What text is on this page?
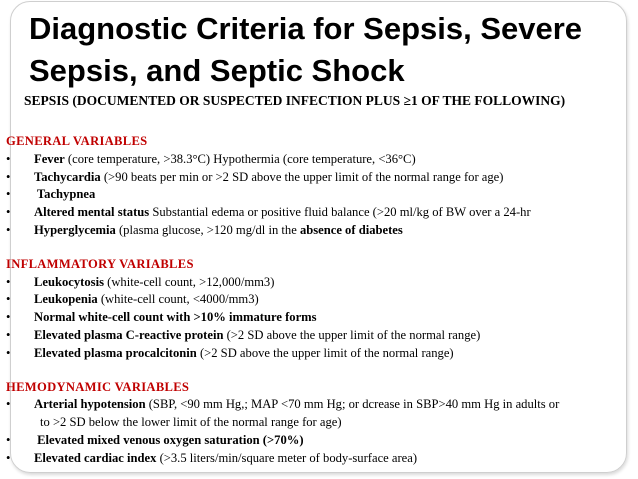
Diagnostic Criteria for Sepsis, Severe
Sepsis, and Septic Shock
SEPSIS (DOCUMENTED OR SUSPECTED INFECTION PLUS ≥1 OF THE FOLLOWING)
GENERAL VARIABLES
• Fever (core temperature, >38.3°C) Hypothermia (core temperature, <36°C)
• Tachycardia (>90 beats per min or >2 SD above the upper limit of the normal range for age)
• Tachypnea
• Altered mental status Substantial edema or positive fluid balance (>20 ml/kg of BW over a 24-hr
• Hyperglycemia (plasma glucose, >120 mg/dl in the absence of diabetes
INFLAMMATORY VARIABLES
• Leukocytosis (white-cell count, >12,000/mm3)
• Leukopenia (white-cell count, <4000/mm3)
• Normal white-cell count with >10% immature forms
• Elevated plasma C-reactive protein (>2 SD above the upper limit of the normal range)
• Elevated plasma procalcitonin (>2 SD above the upper limit of the normal range)
HEMODYNAMIC VARIABLES
• Arterial hypotension (SBP, <90 mm Hg,; MAP <70 mm Hg; or dcrease in SBP>40 mm Hg in adults or
to >2 SD below the lower limit of the normal range for age)
• Elevated mixed venous oxygen saturation (>70%)
• Elevated cardiac index (>3.5 liters/min/square meter of body-surface area)
